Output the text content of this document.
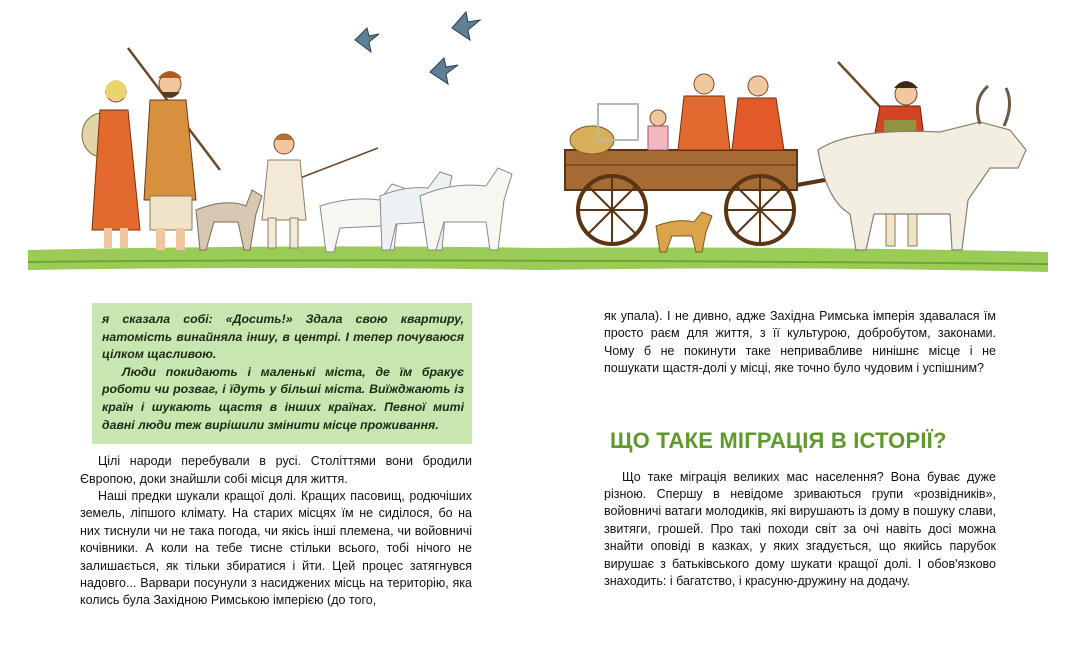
я сказала собі: «Досить!» Здала свою квартиру, натомість винайняла іншу, в центрі. І тепер почуваюся цілком щасливою.

Люди покидають і маленькі міста, де їм бракує роботи чи розваг, і їдуть у більші міста. Виїжджають із країн і шукають щастя в інших країнах. Певної миті давні люди теж вирішили змінити місце проживання.

Цілі народи перебували в русі. Століттями вони бродили Європою, доки знайшли собі місця для життя.

Наші предки шукали кращої долі. Кращих пасовищ, родючіших земель, ліпшого клімату. На старих місцях їм не сиділося, бо на них тиснули чи не така погода, чи якісь інші племена, чи войовничі кочівники. А коли на тебе тисне стільки всього, тобі нічого не залишається, як тільки збиратися і йти. Цей процес затягнувся надовго... Варвари посунули з насиджених місць на територію, яка колись була Західною Римською імперією (до того,

як упала). І не дивно, адже Західна Римська імперія здавалася їм просто раєм для життя, з її культурою, добробутом, законами. Чому б не покинути таке непривабливе нинішнє місце і не пошукати щастя-долі у місці, яке точно було чудовим і успішним?

ЩО ТАКЕ МІГРАЦІЯ В ІСТОРІЇ?

Що таке міграція великих мас населення? Вона буває дуже різною. Спершу в невідоме зриваються групи «розвідників», войовничі ватаги молодиків, які вирушають із дому в пошуку слави, звитяги, грошей. Про такі походи світ за очі навіть досі можна знайти оповіді в казках, у яких згадується, що якийсь парубок вирушає з батьківського дому шукати кращої долі. І обов'язково знаходить: і багатство, і красуню-дружину на додачу.
